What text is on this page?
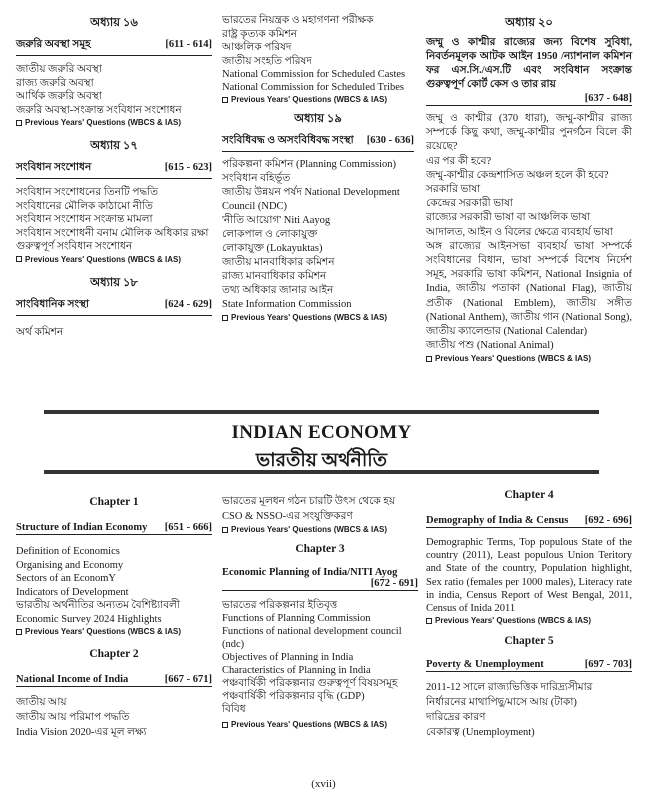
অধ্যায় ১৬
জরুরি অবস্থা সমূহ	[611 - 614]
জাতীয় জরুরি অবস্থা
রাজ্য জরুরি অবস্থা
আর্থিক জরুরি অবস্থা
জরুরি অবস্থা-সংক্রান্ত সংবিধান সংশোধন
Previous Years' Questions (WBCS & IAS)
অধ্যায় ১৭
সংবিধান সংশোধন	[615 - 623]
সংবিধান সংশোধনের তিনটি পদ্ধতি
সংবিধানের মৌলিক কাঠামো নীতি
সংবিধান সংশোধন সংক্রান্ত মামলা
সংবিধান সংশোধনী বনাম মৌলিক অধিকার রক্ষা
গুরুত্বপূর্ণ সংবিধান সংশোধন
Previous Years' Questions (WBCS & IAS)
অধ্যায় ১৮
সাংবিধানিক সংস্থা	[624 - 629]
অর্থ কমিশন
ভারতের নিয়ন্ত্রক ও মহাগণনা পরীক্ষক
রাষ্ট্র কৃত্যক কমিশন
আঞ্চলিক পরিষদ
জাতীয় সংহতি পরিষদ
National Commission for Scheduled Castes
National Commission for Scheduled Tribes
Previous Years' Questions (WBCS & IAS)
অধ্যায় ১৯
সংবিধিবদ্ধ ও অসংবিধিবদ্ধ সংস্থা [630 - 636]
পরিকল্পনা কমিশন (Planning Commission)
সংবিধান বহির্ভূত
জাতীয় উন্নয়ন পর্ষদ National Development Council (NDC)
'নীতি আয়োগ' Niti Aayog
লোকপাল ও লোকায়ুক্ত
লোকায়ুক্ত (Lokayuktas)
জাতীয় মানবাধিকার কমিশন
রাজ্য মানবাধিকার কমিশন
তথ্য অধিকার জানার আইন
State Information Commission
Previous Years' Questions (WBCS & IAS)
অধ্যায় ২০
জম্মু ও কাশ্মীর রাজ্যের জন্য বিশেষ সুবিধা, নিবর্তনমূলক আটক আইন 1950 /ন্যাশনাল কমিশন ফর এস.সি./এস.টি এবং সংবিধান সংক্রান্ত গুরুত্বপূর্ণ কোর্ট কেস ও তার রায়
[637 - 648]
জম্মু ও কাশ্মীর (370 ধারা), জম্মু-কাশ্মীর রাজ্য সম্পর্কে কিছু কথা, জম্মু-কাশ্মীর পুনর্গঠন বিলে কী রয়েছে?
এর পর কী হবে?
জম্মু-কাশ্মীর কেন্দ্রশাসিত অঞ্চল হলে কী হবে?
সরকারি ভাষা
কেন্দ্রের সরকারী ভাষা
রাজ্যের সরকারী ভাষা বা আঞ্চলিক ভাষা
আদালত, আইন ও বিলের ক্ষেত্রে ব্যবহার্য ভাষা
অঙ্গ রাজ্যের আইনসভা ব্যবহার্য ভাষা সম্পর্কে সংবিধানের বিধান, ভাষা সম্পর্কে বিশেষ নির্দেশ সমূহ, সরকারি ভাষা কমিশন, National Insignia of India, জাতীয় পতাকা (National Flag), জাতীয় প্রতীক (National Emblem), জাতীয় সঙ্গীত (National Anthem), জাতীয় গান (National Song), জাতীয় ক্যালেন্ডার (National Calendar)
জাতীয় পশু (National Animal)
Previous Years' Questions (WBCS & IAS)
INDIAN ECONOMY
ভারতীয় অর্থনীতি
Chapter 1
Structure of Indian Economy [651 - 666]
Definition of Economics
Organising and Economy
Sectors of an EconomY
Indicators of Development
ভারতীয় অর্থনীতির অন্যতম বৈশিষ্ট্যাবলী
Economic Survey 2024 Highlights
Previous Years' Questions (WBCS & IAS)
Chapter 2
National Income of India	[667 - 671]
জাতীয় আয়
জাতীয় আয় পরিমাপ পদ্ধতি
India Vision 2020-এর মূল লক্ষ্য
ভারতের মূলধন গঠন চারটি উৎস থেকে হয়
CSO & NSSO-এর সংযুক্তিকরণ
Previous Years' Questions (WBCS & IAS)
Chapter 3
Economic Planning of India/NITI Ayog
[672 - 691]
ভারতের পরিকল্পনার ইতিবৃত্ত
Functions of Planning Commission
Functions of national development council (ndc)
Objectives of Planning in India
Characteristics of Planning in India
পঞ্চবার্ষিকী পরিকল্পনার গুরুত্বপূর্ণ বিষয়সমূহ
পঞ্চবার্ষিকী পরিকল্পনার বৃদ্ধি (GDP)
বিবিধ
Previous Years' Questions (WBCS & IAS)
Chapter 4
Demography of India & Census [692 - 696]
Demographic Terms, Top populous State of the country (2011), Least populous Union Teritory and State of the country, Population highlight, Sex ratio (females per 1000 males), Literacy rate in india, Census Report of West Bengal, 2011, Census of Inida 2011
Previous Years' Questions (WBCS & IAS)
Chapter 5
Poverty & Unemployment	[697 - 703]
2011-12 সালে রাজ্যভিত্তিক দারিদ্র্যসীমার
নির্ধারনের মাথাপিছু/মাসে আয় (টাকা)
দারিদ্রের কারণ
বেকারত্ব (Unemployment)
(xvii)
